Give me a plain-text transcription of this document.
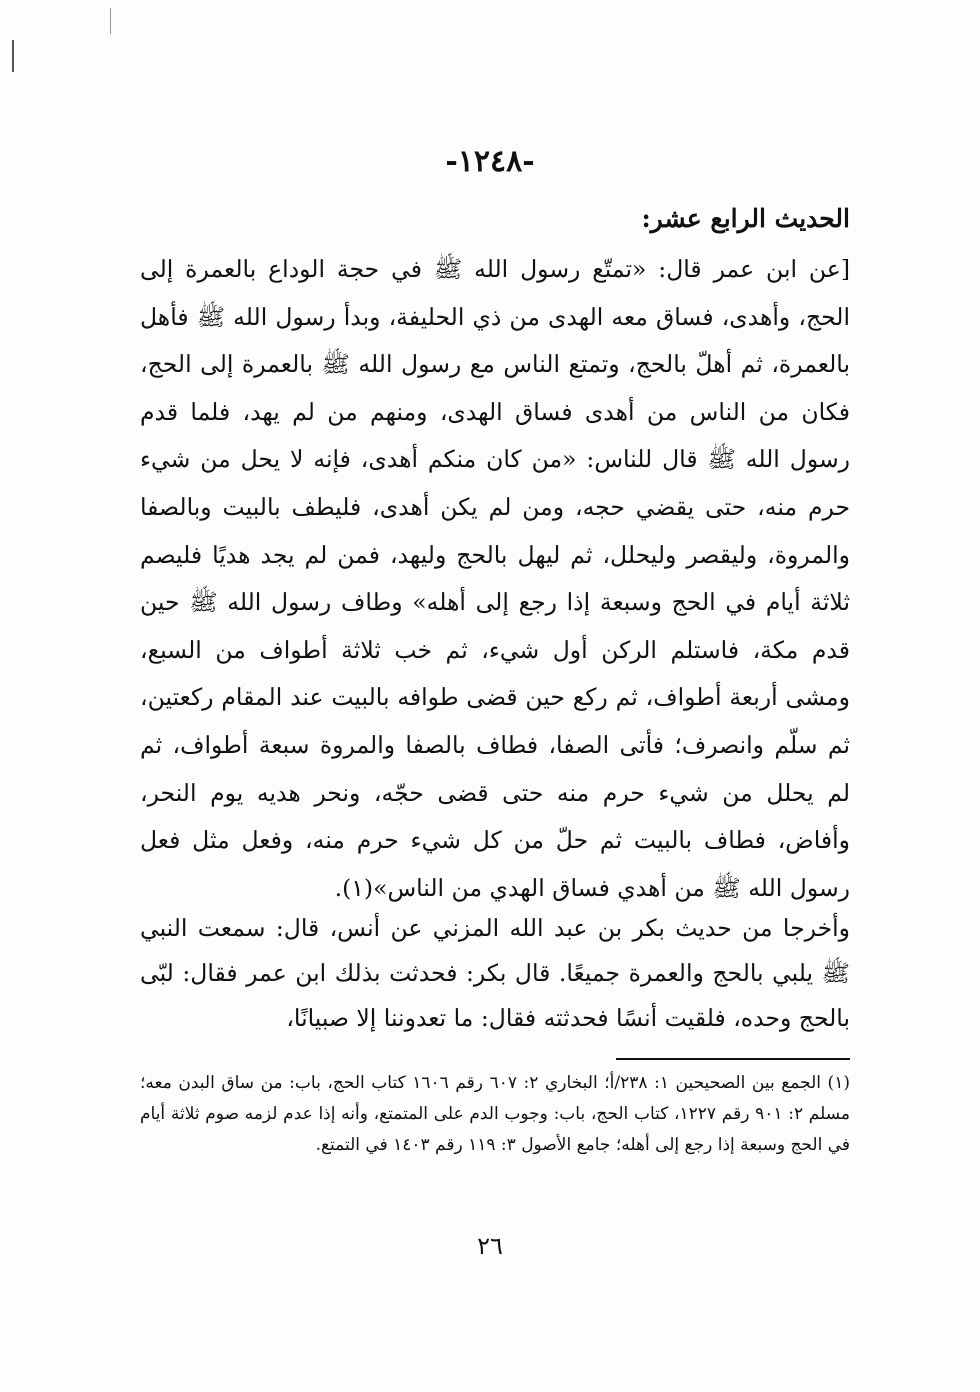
-١٢٤٨-
الحديث الرابع عشر:
[عن ابن عمر قال: «تمتّع رسول الله ﷺ في حجة الوداع بالعمرة إلى الحج، وأهدى، فساق معه الهدى من ذي الحليفة، وبدأ رسول الله ﷺ فأهل بالعمرة، ثم أهلّ بالحج، وتمتع الناس مع رسول الله ﷺ بالعمرة إلى الحج، فكان من الناس من أهدى فساق الهدى، ومنهم من لم يهد، فلما قدم رسول الله ﷺ قال للناس: «من كان منكم أهدى، فإنه لا يحل من شيء حرم منه، حتى يقضي حجه، ومن لم يكن أهدى، فليطف بالبيت وبالصفا والمروة، وليقصر وليحلل، ثم ليهل بالحج وليهد، فمن لم يجد هديًا فليصم ثلاثة أيام في الحج وسبعة إذا رجع إلى أهله» وطاف رسول الله ﷺ حين قدم مكة، فاستلم الركن أول شيء، ثم خب ثلاثة أطواف من السبع، ومشى أربعة أطواف، ثم ركع حين قضى طوافه بالبيت عند المقام ركعتين، ثم سلّم وانصرف؛ فأتى الصفا، فطاف بالصفا والمروة سبعة أطواف، ثم لم يحلل من شيء حرم منه حتى قضى حجّه، ونحر هديه يوم النحر، وأفاض، فطاف بالبيت ثم حلّ من كل شيء حرم منه، وفعل مثل فعل رسول الله ﷺ من أهدي فساق الهدي من الناس»(١).
وأخرجا من حديث بكر بن عبد الله المزني عن أنس، قال: سمعت النبي ﷺ يلبي بالحج والعمرة جميعًا. قال بكر: فحدثت بذلك ابن عمر فقال: لبّى بالحج وحده، فلقيت أنسًا فحدثته فقال: ما تعدوننا إلا صبيانًا،
(١) الجمع بين الصحيحين ١: ٢٣٨/أ؛ البخاري ٢: ٦٠٧ رقم ١٦٠٦ كتاب الحج، باب: من ساق البدن معه؛ مسلم ٢: ٩٠١ رقم ١٢٢٧، كتاب الحج، باب: وجوب الدم على المتمتع، وأنه إذا عدم لزمه صوم ثلاثة أيام في الحج وسبعة إذا رجع إلى أهله؛ جامع الأصول ٣: ١١٩ رقم ١٤٠٣ في التمتع.
٢٦
